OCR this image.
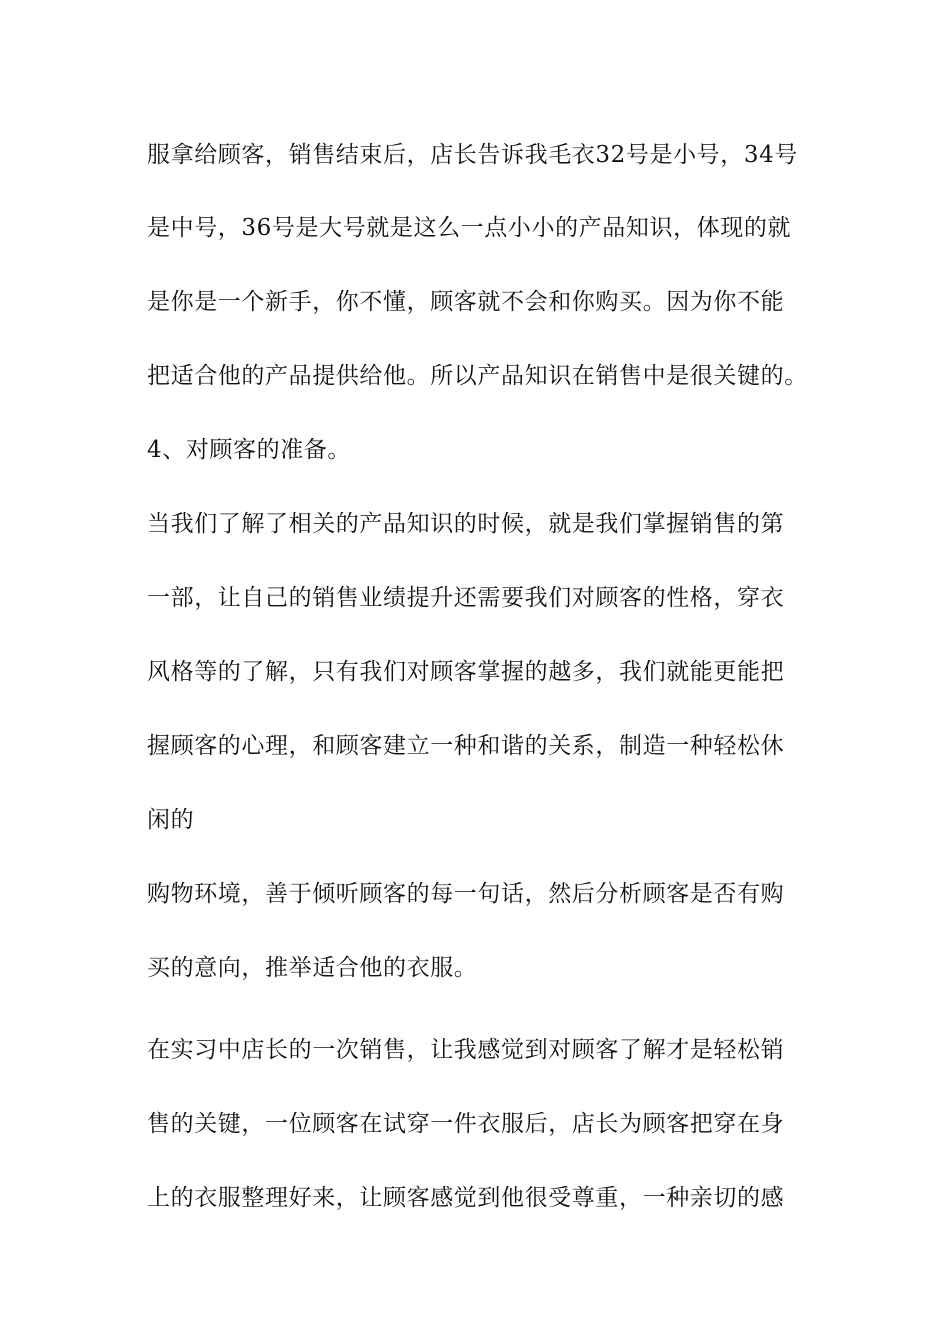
服拿给顾客，销售结束后，店长告诉我毛衣32号是小号，34号
是中号，36号是大号就是这么一点小小的产品知识，体现的就
是你是一个新手，你不懂，顾客就不会和你购买。因为你不能
把适合他的产品提供给他。所以产品知识在销售中是很关键的。
4、对顾客的准备。
当我们了解了相关的产品知识的时候，就是我们掌握销售的第
一部，让自己的销售业绩提升还需要我们对顾客的性格，穿衣
风格等的了解，只有我们对顾客掌握的越多，我们就能更能把
握顾客的心理，和顾客建立一种和谐的关系，制造一种轻松休
闲的
购物环境，善于倾听顾客的每一句话，然后分析顾客是否有购
买的意向，推举适合他的衣服。
在实习中店长的一次销售，让我感觉到对顾客了解才是轻松销
售的关键，一位顾客在试穿一件衣服后，店长为顾客把穿在身
上的衣服整理好来，让顾客感觉到他很受尊重，一种亲切的感
